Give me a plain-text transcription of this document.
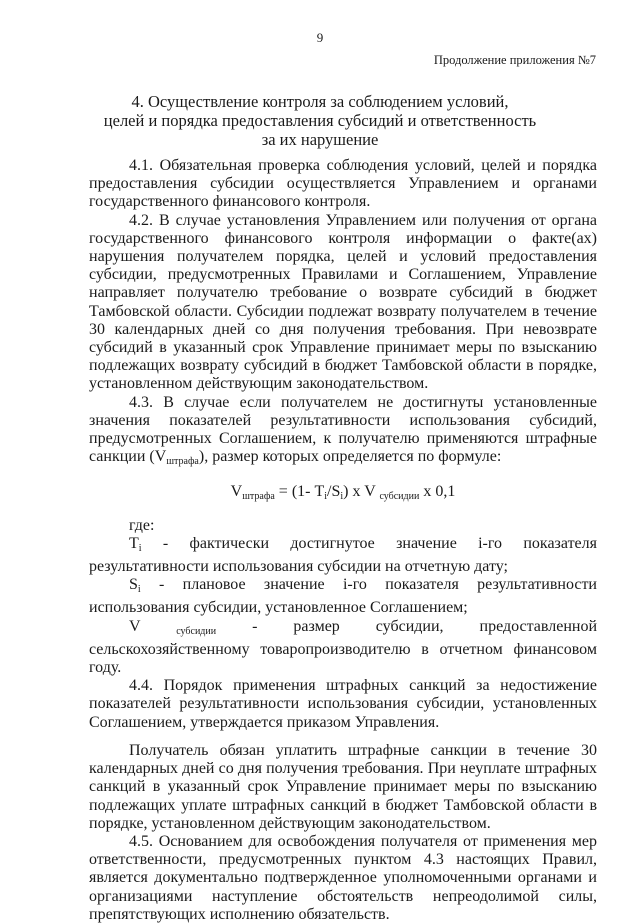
9
Продолжение приложения №7
4. Осуществление контроля за соблюдением условий,
целей и порядка предоставления субсидий и ответственность
за их нарушение

4.1. Обязательная проверка соблюдения условий, целей и порядка предоставления субсидии осуществляется Управлением и органами государственного финансового контроля.

4.2. В случае установления Управлением или получения от органа государственного финансового контроля информации о факте(ах) нарушения получателем порядка, целей и условий предоставления субсидии, предусмотренных Правилами и Соглашением, Управление направляет получателю требование о возврате субсидий в бюджет Тамбовской области. Субсидии подлежат возврату получателем в течение 30 календарных дней со дня получения требования. При невозврате субсидий в указанный срок Управление принимает меры по взысканию подлежащих возврату субсидий в бюджет Тамбовской области в порядке, установленном действующим законодательством.

4.3. В случае если получателем не достигнуты установленные значения показателей результативности использования субсидий, предусмотренных Соглашением, к получателю применяются штрафные санкции $(V_{штрафа})$, размер которых определяется по формуле:

$V_{штрафа} = (1-$ $T_i/S_i$) x V $_{субсидии}$ x 0,1

где:

$T_i$ - фактически достигнутое значение i-го показателя результативности использования субсидии на отчетную дату;

$S_i$ - плановое значение i-го показателя результативности использования субсидии, установленное Соглашением;

V $_{субсидии}$ - размер субсидии, предоставленной сельскохозяйственному товаропроизводителю в отчетном финансовом году.

4.4. Порядок применения штрафных санкций за недостижение показателей результативности использования субсидии, установленных Соглашением, утверждается приказом Управления.

Получатель обязан уплатить штрафные санкции в течение 30 календарных дней со дня получения требования. При неуплате штрафных санкций в указанный срок Управление принимает меры по взысканию подлежащих уплате штрафных санкций в бюджет Тамбовской области в порядке, установленном действующим законодательством.

4.5. Основанием для освобождения получателя от применения мер ответственности, предусмотренных пунктом 4.3 настоящих Правил, является документально подтвержденное уполномоченными органами и организациями наступление обстоятельств непреодолимой силы, препятствующих исполнению обязательств.
